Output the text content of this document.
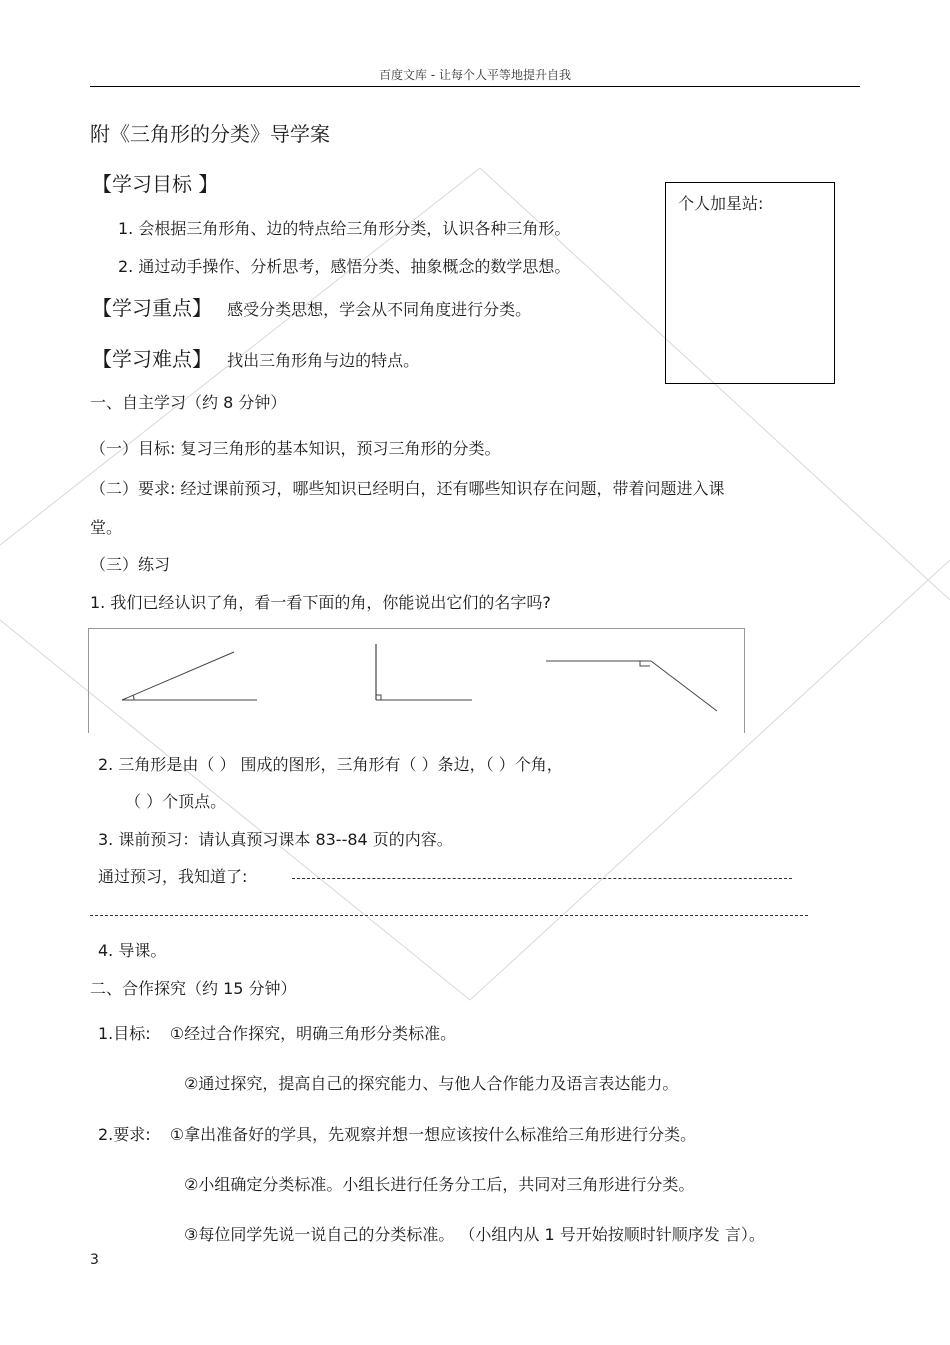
百度文库 - 让每个人平等地提升自我
附《三角形的分类》导学案
【学习目标 】
1. 会根据三角形角、边的特点给三角形分类，认识各种三角形。
2. 通过动手操作、分析思考，感悟分类、抽象概念的数学思想。
【学习重点】 感受分类思想，学会从不同角度进行分类。
【学习难点】 找出三角形角与边的特点。
个人加星站:
一、自主学习（约 8 分钟）
（一）目标: 复习三角形的基本知识，预习三角形的分类。
（二）要求: 经过课前预习，哪些知识已经明白，还有哪些知识存在问题，带着问题进入课
堂。
（三）练习
1. 我们已经认识了角，看一看下面的角，你能说出它们的名字吗?
2. 三角形是由（ ） 围成的图形，三角形有（ ）条边，（ ）个角，
（ ）个顶点。
3. 课前预习：请认真预习课本 83--84 页的内容。
通过预习，我知道了:
4. 导课。
二、合作探究（约 15 分钟）
1.目标: ①经过合作探究，明确三角形分类标准。
②通过探究，提高自己的探究能力、与他人合作能力及语言表达能力。
2.要求: ①拿出准备好的学具，先观察并想一想应该按什么标准给三角形进行分类。
②小组确定分类标准。小组长进行任务分工后，共同对三角形进行分类。
③每位同学先说一说自己的分类标准。 （小组内从 1 号开始按顺时针顺序发 言）。
3
